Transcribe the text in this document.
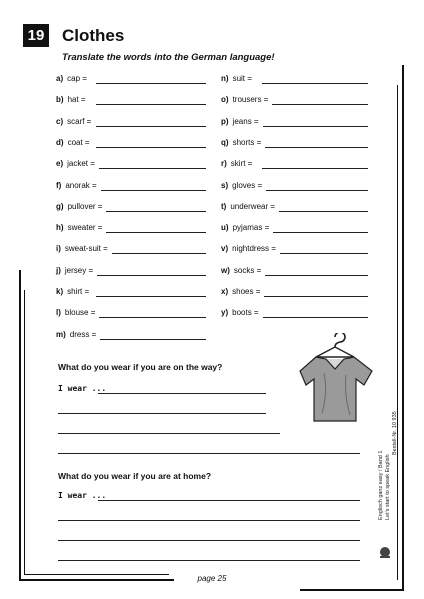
19 Clothes
Translate the words into the German language!
a) cap =
b) hat =
c) scarf =
d) coat =
e) jacket =
f) anorak =
g) pullover =
h) sweater =
i) sweat-suit =
j) jersey =
k) shirt =
l) blouse =
m) dress =
n) suit =
o) trousers =
p) jeans =
q) shorts =
r) skirt =
s) gloves =
t) underwear =
u) pyjamas =
v) nightdress =
w) socks =
x) shoes =
y) boots =
What do you wear if you are on the way?
I wear ...
What do you wear if you are at home?
I wear ...	Englisch ganz easy / Band 1 Let's start to speak English
Bestell-Nr. 10 935
page 25
